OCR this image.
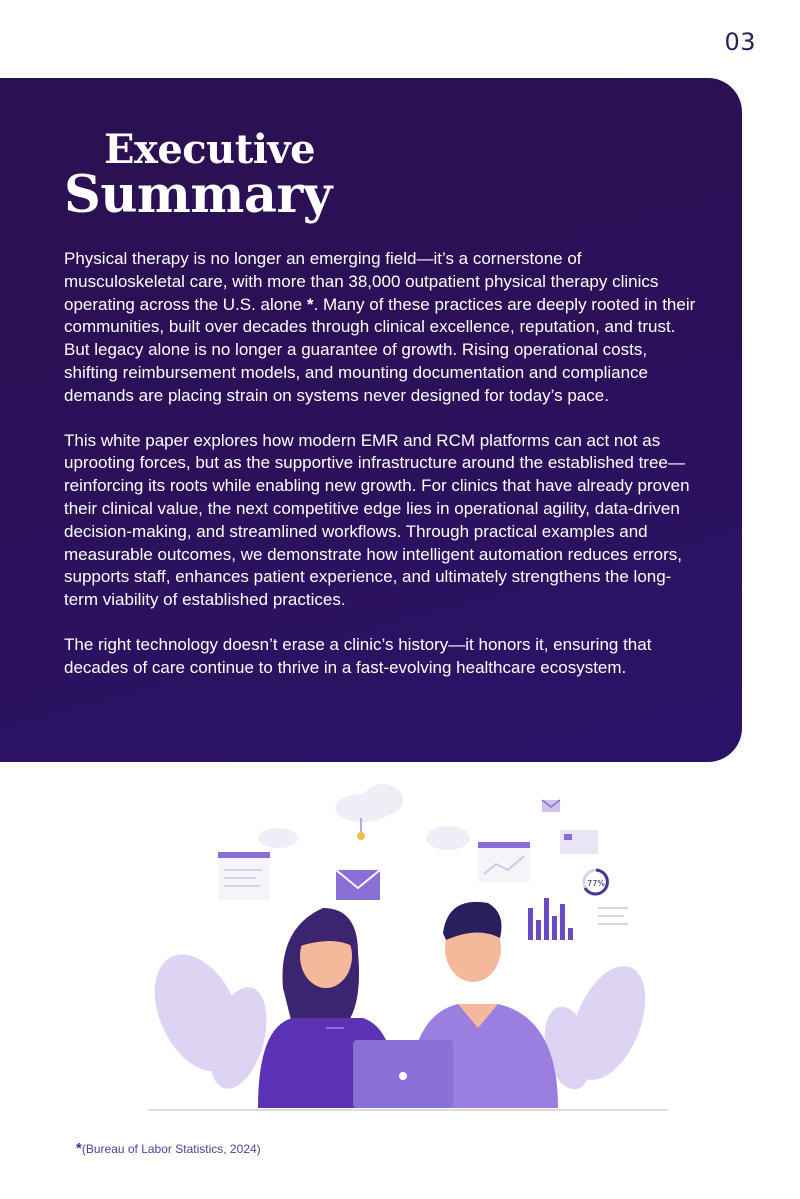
03
Executive
Summary

Physical therapy is no longer an emerging field—it’s a cornerstone of musculoskeletal care, with more than 38,000 outpatient physical therapy clinics operating across the U.S. alone *. Many of these practices are deeply rooted in their communities, built over decades through clinical excellence, reputation, and trust. But legacy alone is no longer a guarantee of growth. Rising operational costs, shifting reimbursement models, and mounting documentation and compliance demands are placing strain on systems never designed for today’s pace.

This white paper explores how modern EMR and RCM platforms can act not as uprooting forces, but as the supportive infrastructure around the established tree—reinforcing its roots while enabling new growth. For clinics that have already proven their clinical value, the next competitive edge lies in operational agility, data-driven decision-making, and streamlined workflows. Through practical examples and measurable outcomes, we demonstrate how intelligent automation reduces errors, supports staff, enhances patient experience, and ultimately strengthens the long-term viability of established practices.

The right technology doesn’t erase a clinic’s history—it honors it, ensuring that decades of care continue to thrive in a fast-evolving healthcare ecosystem.

77%
*(Bureau of Labor Statistics, 2024)
